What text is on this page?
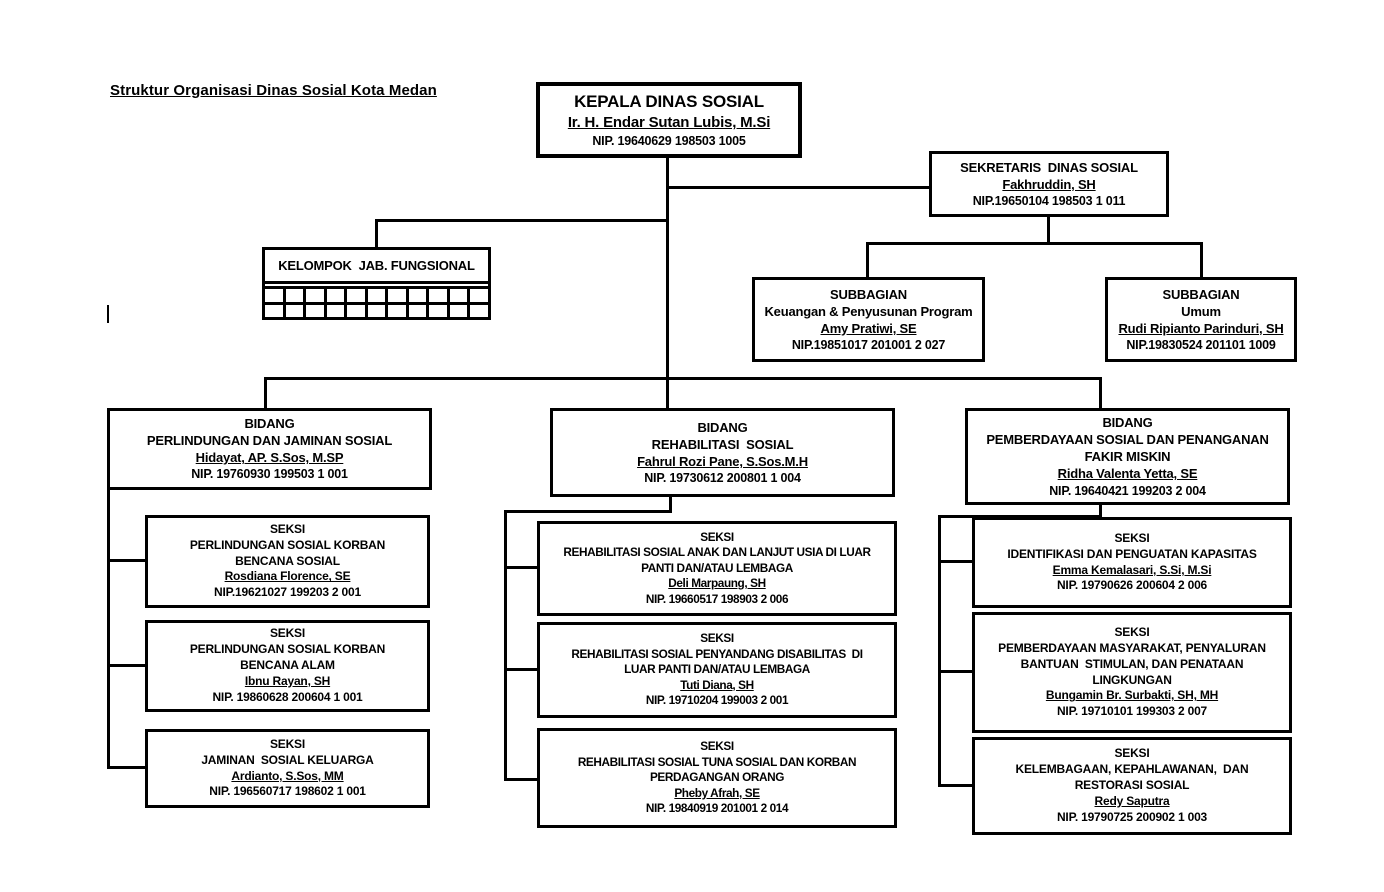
Struktur Organisasi Dinas Sosial Kota Medan
KEPALA DINAS SOSIAL
Ir. H. Endar Sutan Lubis, M.Si
NIP. 19640629 198503 1005
SEKRETARIS  DINAS SOSIAL
Fakhruddin, SH
NIP.19650104 198503 1 011
KELOMPOK  JAB. FUNGSIONAL
SUBBAGIAN
Keuangan & Penyusunan Program
Amy Pratiwi, SE
NIP.19851017 201001 2 027
SUBBAGIAN
Umum
Rudi Ripianto Parinduri, SH
NIP.19830524 201101 1009
BIDANG
PERLINDUNGAN DAN JAMINAN SOSIAL
Hidayat, AP. S.Sos, M.SP
NIP. 19760930 199503 1 001
BIDANG
REHABILITASI  SOSIAL
Fahrul Rozi Pane, S.Sos.M.H
NIP. 19730612 200801 1 004
BIDANG
PEMBERDAYAAN SOSIAL DAN PENANGANAN
FAKIR MISKIN
Ridha Valenta Yetta, SE
NIP. 19640421 199203 2 004
SEKSI
PERLINDUNGAN SOSIAL KORBAN
BENCANA SOSIAL
Rosdiana Florence, SE
NIP.19621027 199203 2 001
SEKSI
PERLINDUNGAN SOSIAL KORBAN
BENCANA ALAM
Ibnu Rayan, SH
NIP. 19860628 200604 1 001
SEKSI
JAMINAN  SOSIAL KELUARGA
Ardianto, S.Sos, MM
NIP. 196560717 198602 1 001
SEKSI
REHABILITASI SOSIAL ANAK DAN LANJUT USIA DI LUAR
PANTI DAN/ATAU LEMBAGA
Deli Marpaung, SH
NIP. 19660517 198903 2 006
SEKSI
REHABILITASI SOSIAL PENYANDANG DISABILITAS  DI
LUAR PANTI DAN/ATAU LEMBAGA
Tuti Diana, SH
NIP. 19710204 199003 2 001
SEKSI
REHABILITASI SOSIAL TUNA SOSIAL DAN KORBAN
PERDAGANGAN ORANG
Pheby Afrah, SE
NIP. 19840919 201001 2 014
SEKSI
IDENTIFIKASI DAN PENGUATAN KAPASITAS
Emma Kemalasari, S.Si, M.Si
NIP. 19790626 200604 2 006
SEKSI
PEMBERDAYAAN MASYARAKAT, PENYALURAN
BANTUAN  STIMULAN, DAN PENATAAN
LINGKUNGAN
Bungamin Br. Surbakti, SH, MH
NIP. 19710101 199303 2 007
SEKSI
KELEMBAGAAN, KEPAHLAWANAN,  DAN
RESTORASI SOSIAL
Redy Saputra
NIP. 19790725 200902 1 003
